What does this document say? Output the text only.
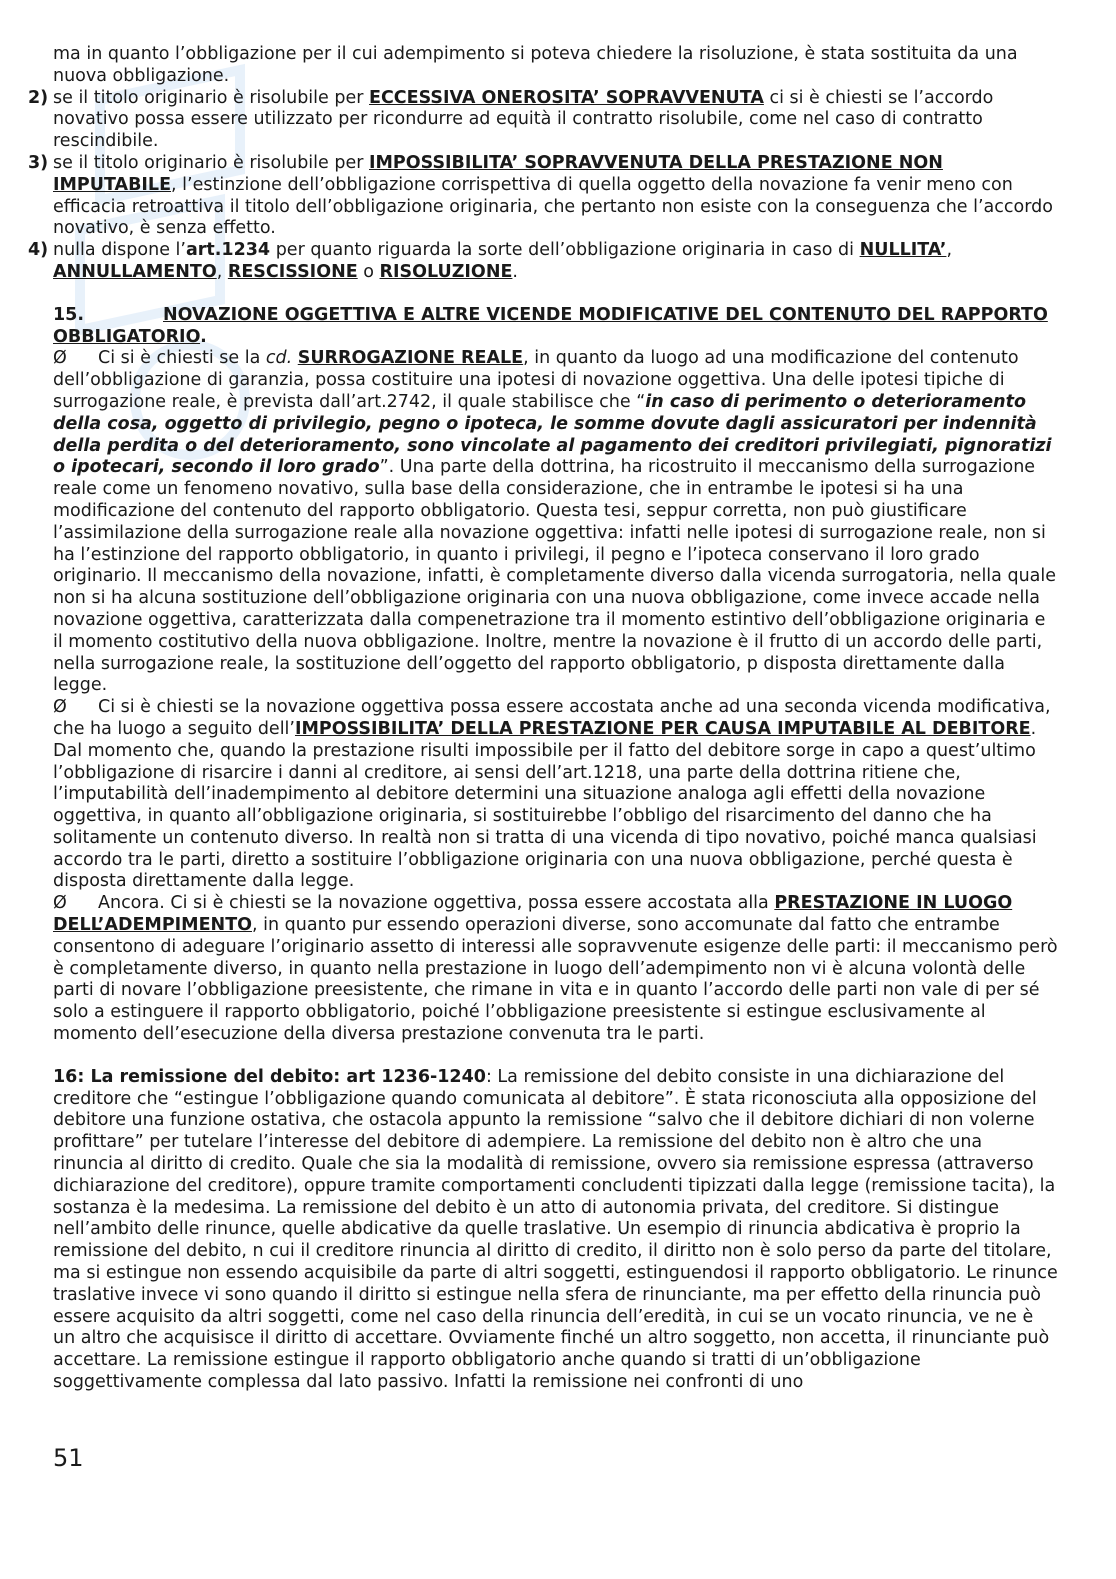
ma in quanto l’obbligazione per il cui adempimento si poteva chiedere la risoluzione, è stata sostituita da una nuova obbligazione.
2) se il titolo originario è risolubile per ECCESSIVA ONEROSITA’ SOPRAVVENUTA ci si è chiesti se l’accordo novativo possa essere utilizzato per ricondurre ad equità il contratto risolubile, come nel caso di contratto rescindibile.
3) se il titolo originario è risolubile per IMPOSSIBILITA’ SOPRAVVENUTA DELLA PRESTAZIONE NON IMPUTABILE, l’estinzione dell’obbligazione corrispettiva di quella oggetto della novazione fa venir meno con efficacia retroattiva il titolo dell’obbligazione originaria, che pertanto non esiste con la conseguenza che l’accordo novativo, è senza effetto.
4) nulla dispone l’art.1234 per quanto riguarda la sorte dell’obbligazione originaria in caso di NULLITA’, ANNULLAMENTO, RESCISSIONE o RISOLUZIONE.
15.	NOVAZIONE OGGETTIVA E ALTRE VICENDE MODIFICATIVE DEL CONTENUTO DEL RAPPORTO OBBLIGATORIO.
Ø Ci si è chiesti se la cd. SURROGAZIONE REALE, in quanto da luogo ad una modificazione del contenuto dell’obbligazione di garanzia, possa costituire una ipotesi di novazione oggettiva. Una delle ipotesi tipiche di surrogazione reale, è prevista dall’art.2742, il quale stabilisce che “in caso di perimento o deterioramento della cosa, oggetto di privilegio, pegno o ipoteca, le somme dovute dagli assicuratori per indennità della perdita o del deterioramento, sono vincolate al pagamento dei creditori privilegiati, pignoratizi o ipotecari, secondo il loro grado”. Una parte della dottrina, ha ricostruito il meccanismo della surrogazione reale come un fenomeno novativo, sulla base della considerazione, che in entrambe le ipotesi si ha una modificazione del contenuto del rapporto obbligatorio. Questa tesi, seppur corretta, non può giustificare l’assimilazione della surrogazione reale alla novazione oggettiva: infatti nelle ipotesi di surrogazione reale, non si ha l’estinzione del rapporto obbligatorio, in quanto i privilegi, il pegno e l’ipoteca conservano il loro grado originario. Il meccanismo della novazione, infatti, è completamente diverso dalla vicenda surrogatoria, nella quale non si ha alcuna sostituzione dell’obbligazione originaria con una nuova obbligazione, come invece accade nella novazione oggettiva, caratterizzata dalla compenetrazione tra il momento estintivo dell’obbligazione originaria e il momento costitutivo della nuova obbligazione. Inoltre, mentre la novazione è il frutto di un accordo delle parti, nella surrogazione reale, la sostituzione dell’oggetto del rapporto obbligatorio, p disposta direttamente dalla legge.
Ø Ci si è chiesti se la novazione oggettiva possa essere accostata anche ad una seconda vicenda modificativa, che ha luogo a seguito dell’IMPOSSIBILITA’ DELLA PRESTAZIONE PER CAUSA IMPUTABILE AL DEBITORE. Dal momento che, quando la prestazione risulti impossibile per il fatto del debitore sorge in capo a quest’ultimo l’obbligazione di risarcire i danni al creditore, ai sensi dell’art.1218, una parte della dottrina ritiene che, l’imputabilità dell’inadempimento al debitore determini una situazione analoga agli effetti della novazione oggettiva, in quanto all’obbligazione originaria, si sostituirebbe l’obbligo del risarcimento del danno che ha solitamente un contenuto diverso. In realtà non si tratta di una vicenda di tipo novativo, poiché manca qualsiasi accordo tra le parti, diretto a sostituire l’obbligazione originaria con una nuova obbligazione, perché questa è disposta direttamente dalla legge.
Ø Ancora. Ci si è chiesti se la novazione oggettiva, possa essere accostata alla PRESTAZIONE IN LUOGO DELL’ADEMPIMENTO, in quanto pur essendo operazioni diverse, sono accomunate dal fatto che entrambe consentono di adeguare l’originario assetto di interessi alle sopravvenute esigenze delle parti: il meccanismo però è completamente diverso, in quanto nella prestazione in luogo dell’adempimento non vi è alcuna volontà delle parti di novare l’obbligazione preesistente, che rimane in vita e in quanto l’accordo delle parti non vale di per sé solo a estinguere il rapporto obbligatorio, poiché l’obbligazione preesistente si estingue esclusivamente al momento dell’esecuzione della diversa prestazione convenuta tra le parti.
16: La remissione del debito: art 1236-1240: La remissione del debito consiste in una dichiarazione del creditore che “estingue l’obbligazione quando comunicata al debitore”. È stata riconosciuta alla opposizione del debitore una funzione ostativa, che ostacola appunto la remissione “salvo che il debitore dichiari di non volerne profittare” per tutelare l’interesse del debitore di adempiere. La remissione del debito non è altro che una rinuncia al diritto di credito. Quale che sia la modalità di remissione, ovvero sia remissione espressa (attraverso dichiarazione del creditore), oppure tramite comportamenti concludenti tipizzati dalla legge (remissione tacita), la sostanza è la medesima. La remissione del debito è un atto di autonomia privata, del creditore. Si distingue nell’ambito delle rinunce, quelle abdicative da quelle traslative. Un esempio di rinuncia abdicativa è proprio la remissione del debito, n cui il creditore rinuncia al diritto di credito, il diritto non è solo perso da parte del titolare, ma si estingue non essendo acquisibile da parte di altri soggetti, estinguendosi il rapporto obbligatorio. Le rinunce traslative invece vi sono quando il diritto si estingue nella sfera de rinunciante, ma per effetto della rinuncia può essere acquisito da altri soggetti, come nel caso della rinuncia dell’eredità, in cui se un vocato rinuncia, ve ne è un altro che acquisisce il diritto di accettare. Ovviamente finché un altro soggetto, non accetta, il rinunciante può accettare. La remissione estingue il rapporto obbligatorio anche quando si tratti di un’obbligazione soggettivamente complessa dal lato passivo. Infatti la remissione nei confronti di uno
51
